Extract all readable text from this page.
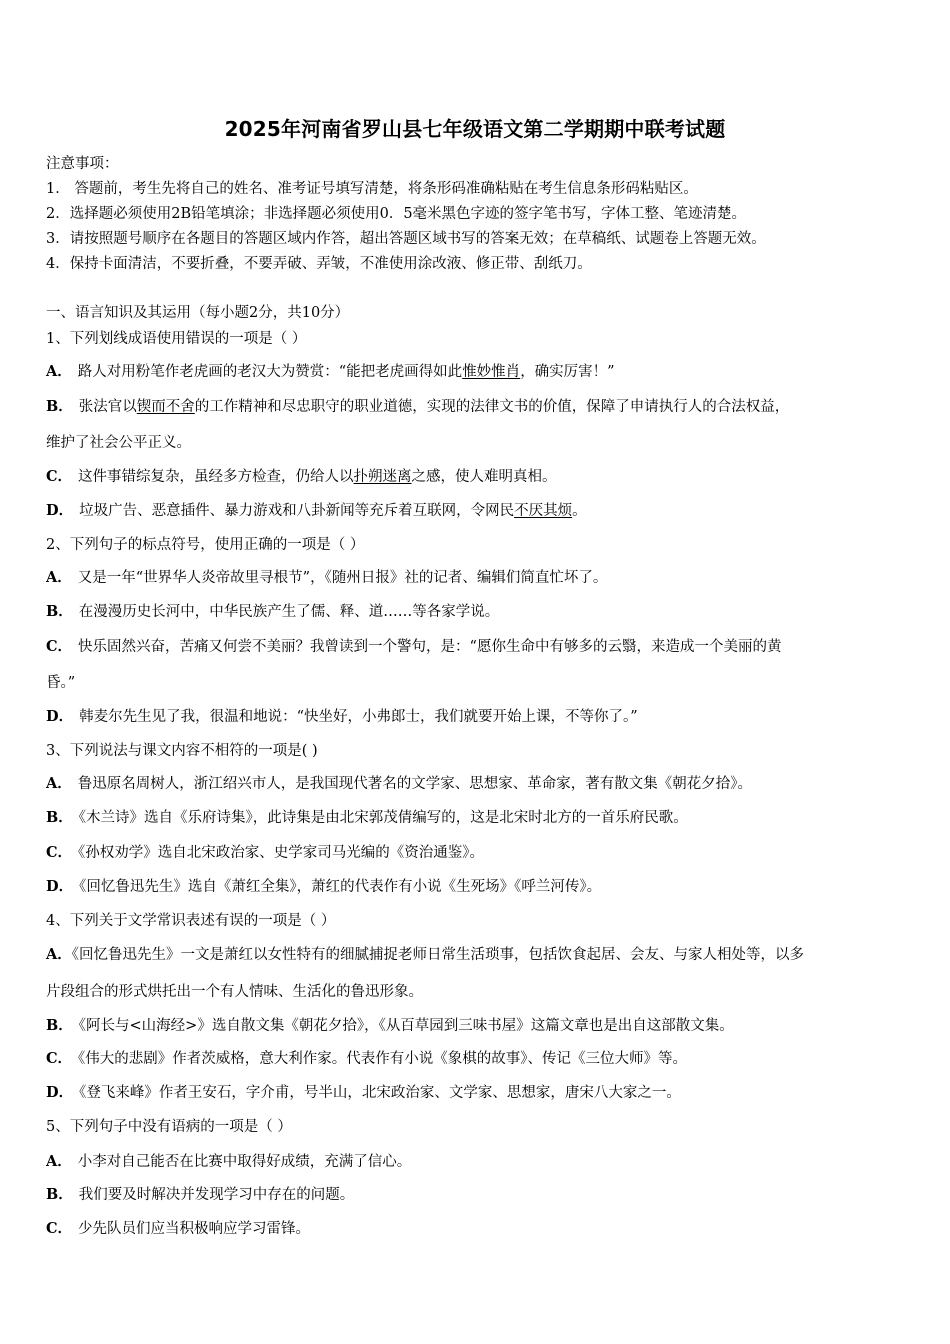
2025年河南省罗山县七年级语文第二学期期中联考试题
注意事项：
1． 答题前，考生先将自己的姓名、准考证号填写清楚，将条形码准确粘贴在考生信息条形码粘贴区。
2．选择题必须使用2B铅笔填涂；非选择题必须使用0．5毫米黑色字迹的签字笔书写，字体工整、笔迹清楚。
3．请按照题号顺序在各题目的答题区域内作答，超出答题区域书写的答案无效；在草稿纸、试题卷上答题无效。
4．保持卡面清洁，不要折叠，不要弄破、弄皱，不准使用涂改液、修正带、刮纸刀。
一、语言知识及其运用（每小题2分，共10分）
1、下列划线成语使用错误的一项是（ ）
A． 路人对用粉笔作老虎画的老汉大为赞赏：“能把老虎画得如此惟妙惟肖，确实厉害！”
B． 张法官以锲而不舍的工作精神和尽忠职守的职业道德，实现的法律文书的价值，保障了申请执行人的合法权益，
维护了社会公平正义。
C． 这件事错综复杂，虽经多方检查，仍给人以扑朔迷离之感，使人难明真相。
D． 垃圾广告、恶意插件、暴力游戏和八卦新闻等充斥着互联网，令网民不厌其烦。
2、下列句子的标点符号，使用正确的一项是（ ）
A． 又是一年“世界华人炎帝故里寻根节”，《随州日报》社的记者、编辑们简直忙坏了。
B． 在漫漫历史长河中，中华民族产生了儒、释、道……等各家学说。
C． 快乐固然兴奋，苦痛又何尝不美丽？我曾读到一个警句，是：“愿你生命中有够多的云翳，来造成一个美丽的黄
昏。”
D． 韩麦尔先生见了我，很温和地说：“快坐好，小弗郎士，我们就要开始上课，不等你了。”
3、下列说法与课文内容不相符的一项是( )
A． 鲁迅原名周树人，浙江绍兴市人，是我国现代著名的文学家、思想家、革命家，著有散文集《朝花夕拾》。
B． 《木兰诗》选自《乐府诗集》，此诗集是由北宋郭茂倩编写的，这是北宋时北方的一首乐府民歌。
C． 《孙权劝学》选自北宋政治家、史学家司马光编的《资治通鉴》。
D． 《回忆鲁迅先生》选自《萧红全集》，萧红的代表作有小说《生死场》《呼兰河传》。
4、下列关于文学常识表述有误的一项是（ ）
A．《回忆鲁迅先生》一文是萧红以女性特有的细腻捕捉老师日常生活琐事，包括饮食起居、会友、与家人相处等，以多
片段组合的形式烘托出一个有人情味、生活化的鲁迅形象。
B． 《阿长与<山海经>》选自散文集《朝花夕拾》，《从百草园到三味书屋》这篇文章也是出自这部散文集。
C． 《伟大的悲剧》作者茨威格，意大利作家。代表作有小说《象棋的故事》、传记《三位大师》等。
D． 《登飞来峰》作者王安石，字介甫，号半山，北宋政治家、文学家、思想家，唐宋八大家之一。
5、下列句子中没有语病的一项是（ ）
A． 小李对自己能否在比赛中取得好成绩，充满了信心。
B． 我们要及时解决并发现学习中存在的问题。
C． 少先队员们应当积极响应学习雷锋。
